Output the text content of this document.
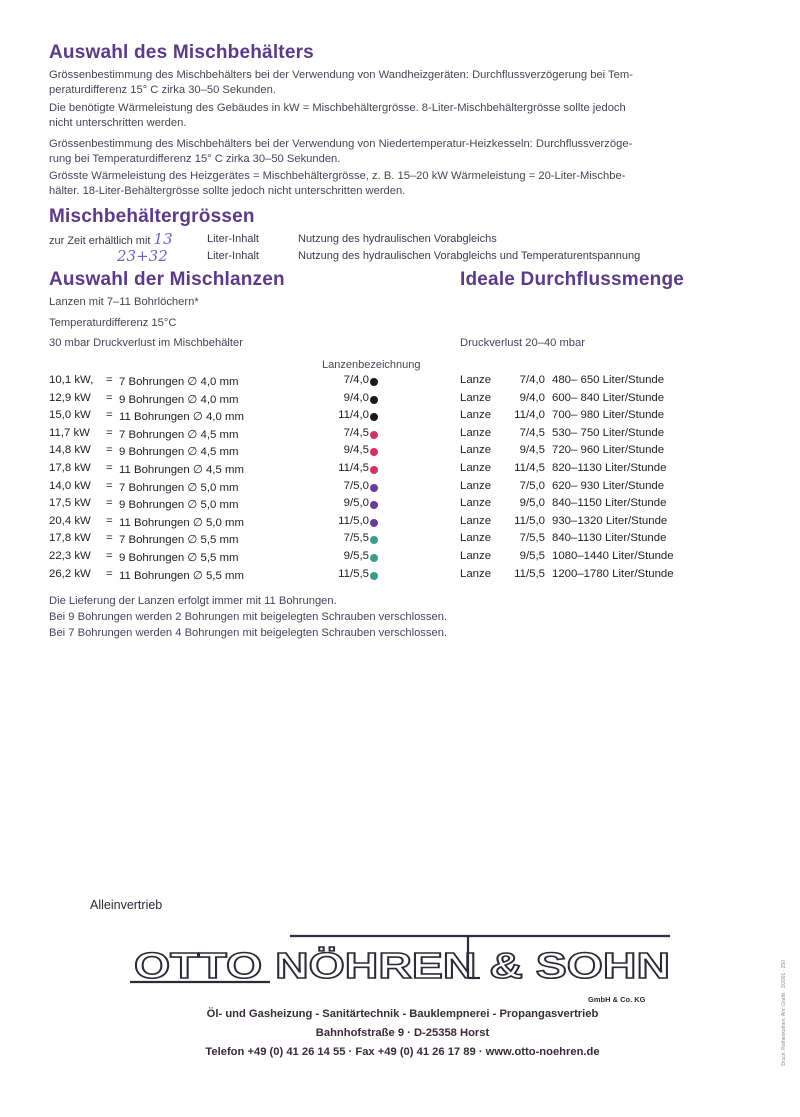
Auswahl des Mischbehälters

Grössenbestimmung des Mischbehälters bei der Verwendung von Wandheizgeräten: Durchflussverzögerung bei Tem-

peraturdifferenz 15° C zirka 30–50 Sekunden.

Die benötigte Wärmeleistung des Gebäudes in kW = Mischbehältergrösse. 8-Liter-Mischbehältergrösse sollte jedoch

nicht unterschritten werden.

Grössenbestimmung des Mischbehälters bei der Verwendung von Niedertemperatur-Heizkesseln: Durchflussverzöge-

rung bei Temperaturdifferenz 15° C zirka 30–50 Sekunden.

Grösste Wärmeleistung des Heizgerätes = Mischbehältergrösse, z. B. 15–20 kW Wärmeleistung = 20-Liter-Mischbe-

hälter. 18-Liter-Behältergrösse sollte jedoch nicht unterschritten werden.

Mischbehältergrössen
zur Zeit erhältlich mit 13	Liter-Inhalt	Nutzung des hydraulischen Vorabgleichs
23+32	Liter-Inhalt	Nutzung des hydraulischen Vorabgleichs und Temperaturentspannung
Auswahl der Mischlanzen	Ideale Durchflussmenge

Lanzen mit 7–11 Bohrlöchern*

Temperaturdifferenz 15°C

30 mbar Druckverlust im Mischbehälter	Druckverlust 20–40 mbar

Lanzenbezeichnung
10,1 kW,	= 7 Bohrungen ∅ 4,0 mm	7/4,0	Lanze	7/4,0 480– 650 Liter/Stunde
12,9 kW	= 9 Bohrungen ∅ 4,0 mm	9/4,0	Lanze	9/4,0 600– 840 Liter/Stunde
15,0 kW	= 11 Bohrungen ∅ 4,0 mm	11/4,0	Lanze	11/4,0 700– 980 Liter/Stunde
11,7 kW	= 7 Bohrungen ∅ 4,5 mm	7/4,5	Lanze	7/4,5 530– 750 Liter/Stunde
14,8 kW	= 9 Bohrungen ∅ 4,5 mm	9/4,5	Lanze	9/4,5 720– 960 Liter/Stunde
17,8 kW	= 11 Bohrungen ∅ 4,5 mm	11/4,5	Lanze	11/4,5 820–1130 Liter/Stunde
14,0 kW	= 7 Bohrungen ∅ 5,0 mm	7/5,0	Lanze	7/5,0 620– 930 Liter/Stunde
17,5 kW	= 9 Bohrungen ∅ 5,0 mm	9/5,0	Lanze	9/5,0 840–1150 Liter/Stunde
20,4 kW	= 11 Bohrungen ∅ 5,0 mm	11/5,0	Lanze	11/5,0 930–1320 Liter/Stunde
17,8 kW	= 7 Bohrungen ∅ 5,5 mm	7/5,5	Lanze	7/5,5 840–1130 Liter/Stunde
22,3 kW	= 9 Bohrungen ∅ 5,5 mm	9/5,5	Lanze	9/5,5 1080–1440 Liter/Stunde
26,2 kW	= 11 Bohrungen ∅ 5,5 mm	11/5,5	Lanze	11/5,5 1200–1780 Liter/Stunde
Die Lieferung der Lanzen erfolgt immer mit 11 Bohrungen.
Bei 9 Bohrungen werden 2 Bohrungen mit beigelegten Schrauben verschlossen.
Bei 7 Bohrungen werden 4 Bohrungen mit beigelegten Schrauben verschlossen.
Alleinvertrieb
OTTO NÖHREN & SOHN
GmbH & Co. KG
Öl- und Gasheizung - Sanitärtechnik - Bauklempnerei - Propangasvertrieb
Bahnhofstraße 9 · D-25358 Horst
Telefon +49 (0) 41 26 14 55 · Fax +49 (0) 41 26 17 89 · www.otto-noehren.de	Druck: Rathenkothen, Ahr. Grafik · 3/2001 · 250
